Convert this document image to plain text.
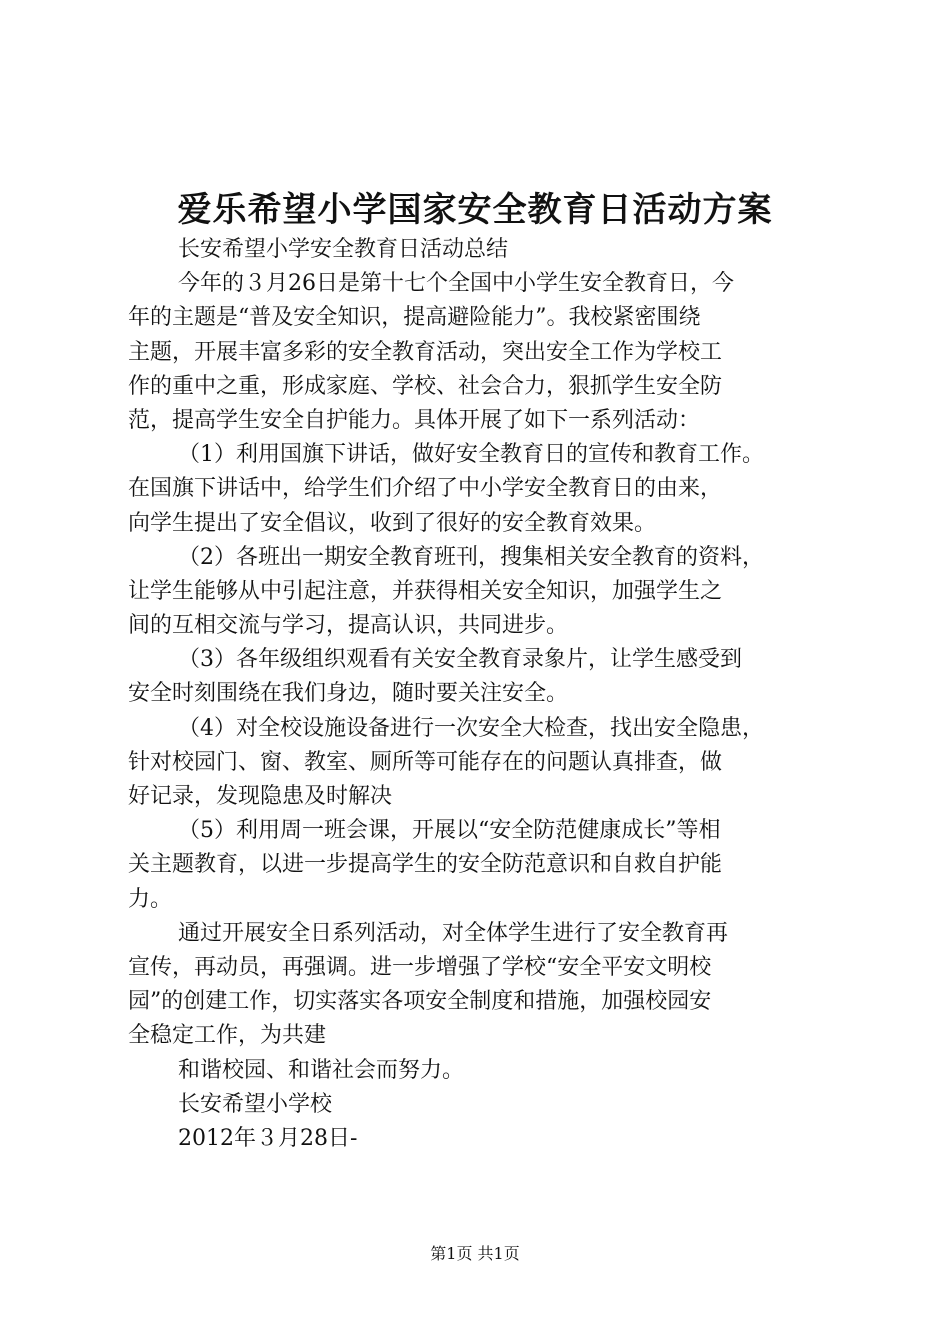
爱乐希望小学国家安全教育日活动方案
长安希望小学安全教育日活动总结
今年的３月26日是第十七个全国中小学生安全教育日，今
年的主题是“普及安全知识，提高避险能力”。我校紧密围绕
主题，开展丰富多彩的安全教育活动，突出安全工作为学校工
作的重中之重，形成家庭、学校、社会合力，狠抓学生安全防
范，提高学生安全自护能力。具体开展了如下一系列活动：
（1）利用国旗下讲话，做好安全教育日的宣传和教育工作。
在国旗下讲话中，给学生们介绍了中小学安全教育日的由来，
向学生提出了安全倡议，收到了很好的安全教育效果。
（2）各班出一期安全教育班刊，搜集相关安全教育的资料，
让学生能够从中引起注意，并获得相关安全知识，加强学生之
间的互相交流与学习，提高认识，共同进步。
（3）各年级组织观看有关安全教育录象片，让学生感受到
安全时刻围绕在我们身边，随时要关注安全。
（4）对全校设施设备进行一次安全大检查，找出安全隐患，
针对校园门、窗、教室、厕所等可能存在的问题认真排查，做
好记录，发现隐患及时解决
（5）利用周一班会课，开展以“安全防范健康成长”等相
关主题教育，以进一步提高学生的安全防范意识和自救自护能
力。
通过开展安全日系列活动，对全体学生进行了安全教育再
宣传，再动员，再强调。进一步增强了学校“安全平安文明校
园”的创建工作，切实落实各项安全制度和措施，加强校园安
全稳定工作，为共建
和谐校园、和谐社会而努力。
长安希望小学校
2012年３月28日-
第1页 共1页
